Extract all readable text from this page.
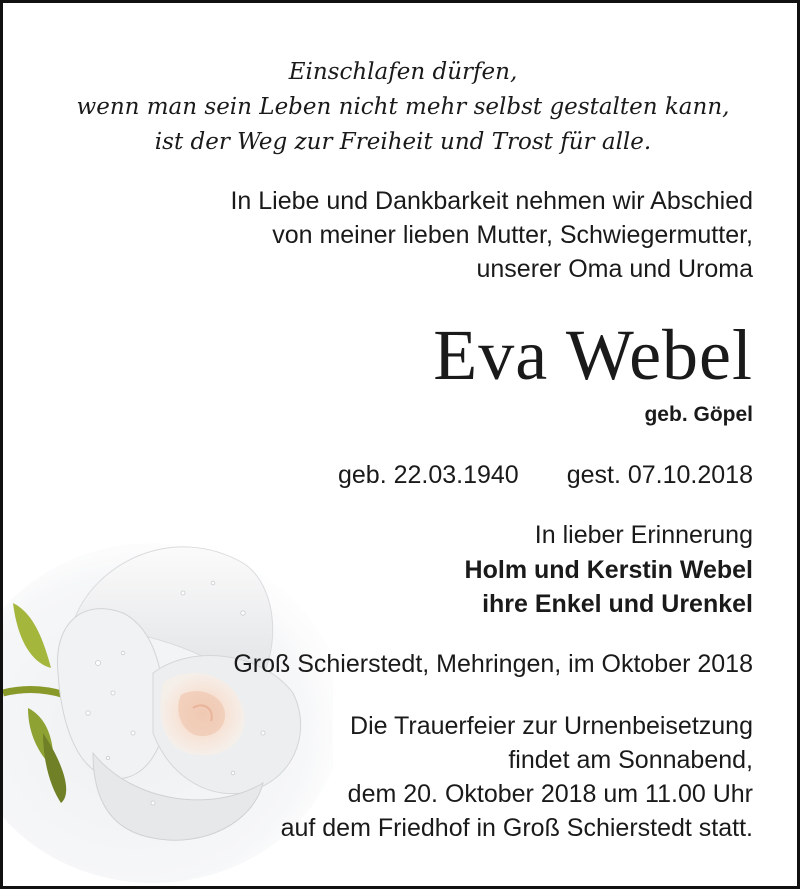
Einschlafen dürfen,
wenn man sein Leben nicht mehr selbst gestalten kann,
ist der Weg zur Freiheit und Trost für alle.
In Liebe und Dankbarkeit nehmen wir Abschied
von meiner lieben Mutter, Schwiegermutter,
unserer Oma und Uroma
Eva Webel
geb. Göpel
geb. 22.03.1940 gest. 07.10.2018
In lieber Erinnerung
Holm und Kerstin Webel
ihre Enkel und Urenkel
Groß Schierstedt, Mehringen, im Oktober 2018
Die Trauerfeier zur Urnenbeisetzung
findet am Sonnabend,
dem 20. Oktober 2018 um 11.00 Uhr
auf dem Friedhof in Groß Schierstedt statt.
